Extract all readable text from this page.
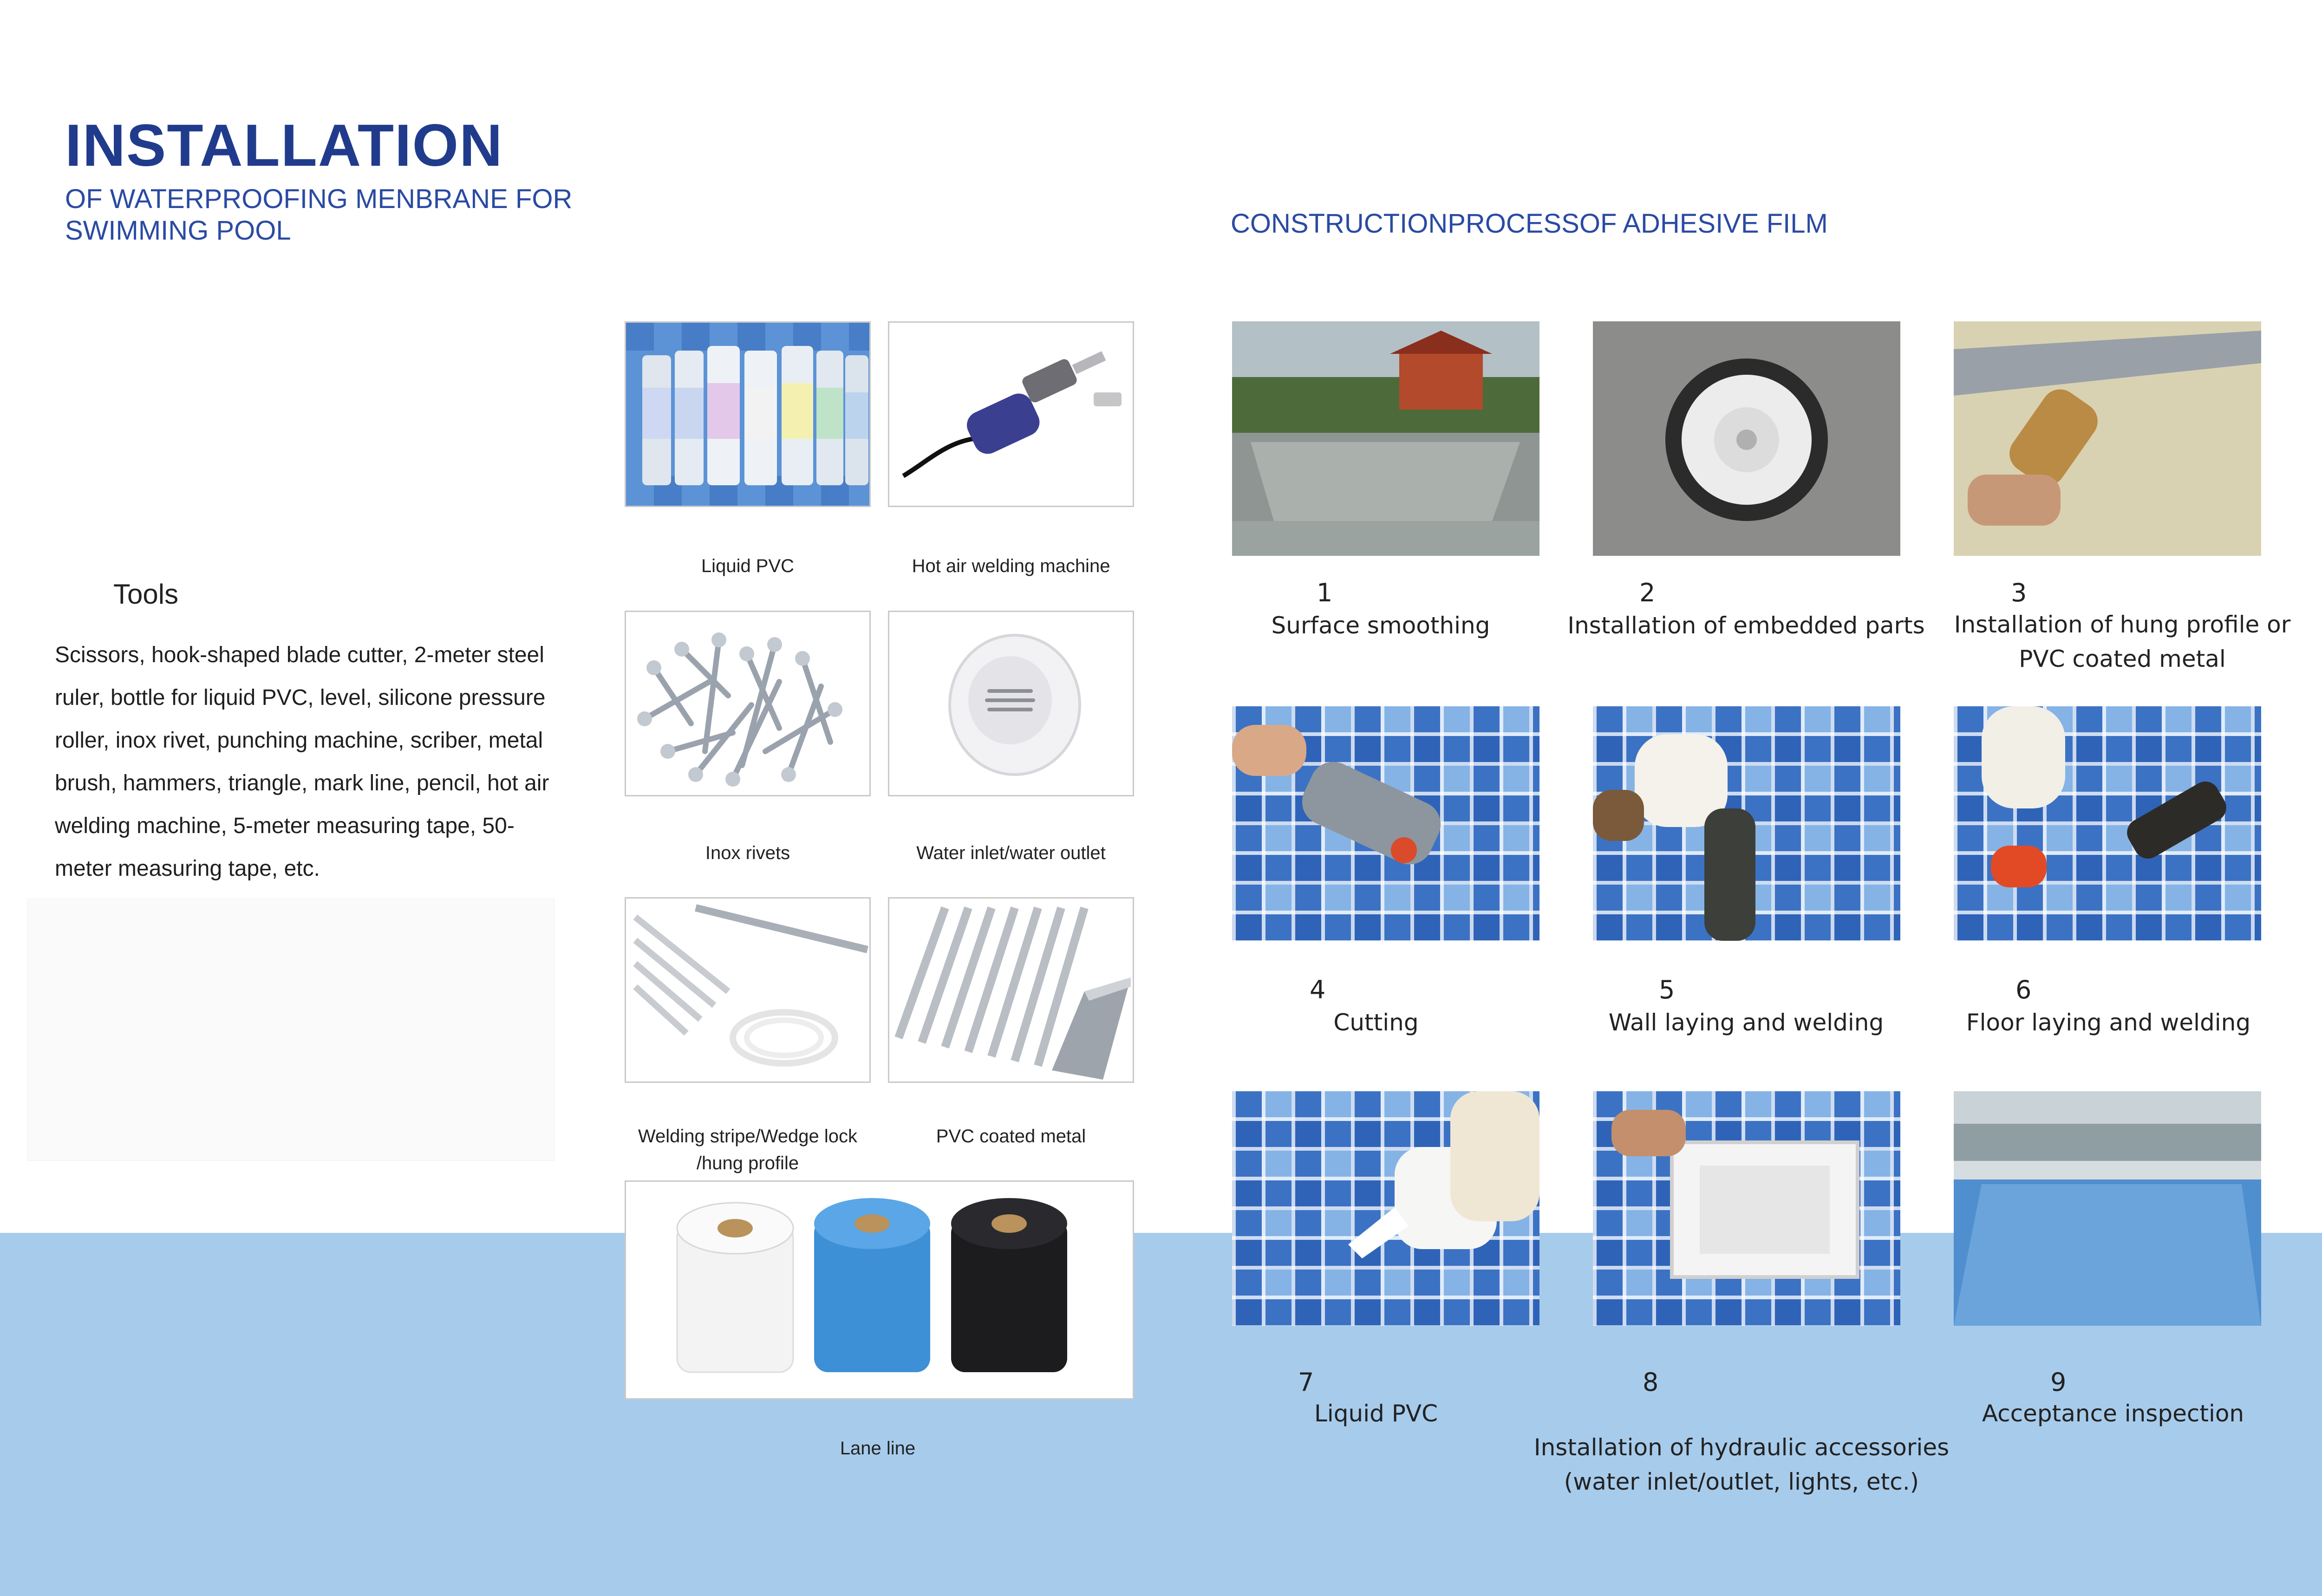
INSTALLATION
OF WATERPROOFING MENBRANE FOR
SWIMMING POOL	CONSTRUCTIONPROCESSOF ADHESIVE FILM
Tools
Scissors, hook-shaped blade cutter, 2-meter steel ruler, bottle for liquid PVC, level, silicone pressure roller, inox rivet, punching machine, scriber, metal brush, hammers, triangle, mark line, pencil, hot air welding machine, 5-meter measuring tape, 50-meter measuring tape, etc.
Liquid PVC	Hot air welding machine
Inox rivets	Water inlet/water outlet
Welding stripe/Wedge lock
/hung profile
PVC coated metal
Lane line
1
Surface smoothing
2
Installation of embedded parts
3
Installation of hung profile or
PVC coated metal
4
Cutting
5
Wall laying and welding
6
Floor laying and welding
7
Liquid PVC
8
Installation of hydraulic accessories
(water inlet/outlet, lights, etc.)
9
Acceptance inspection
